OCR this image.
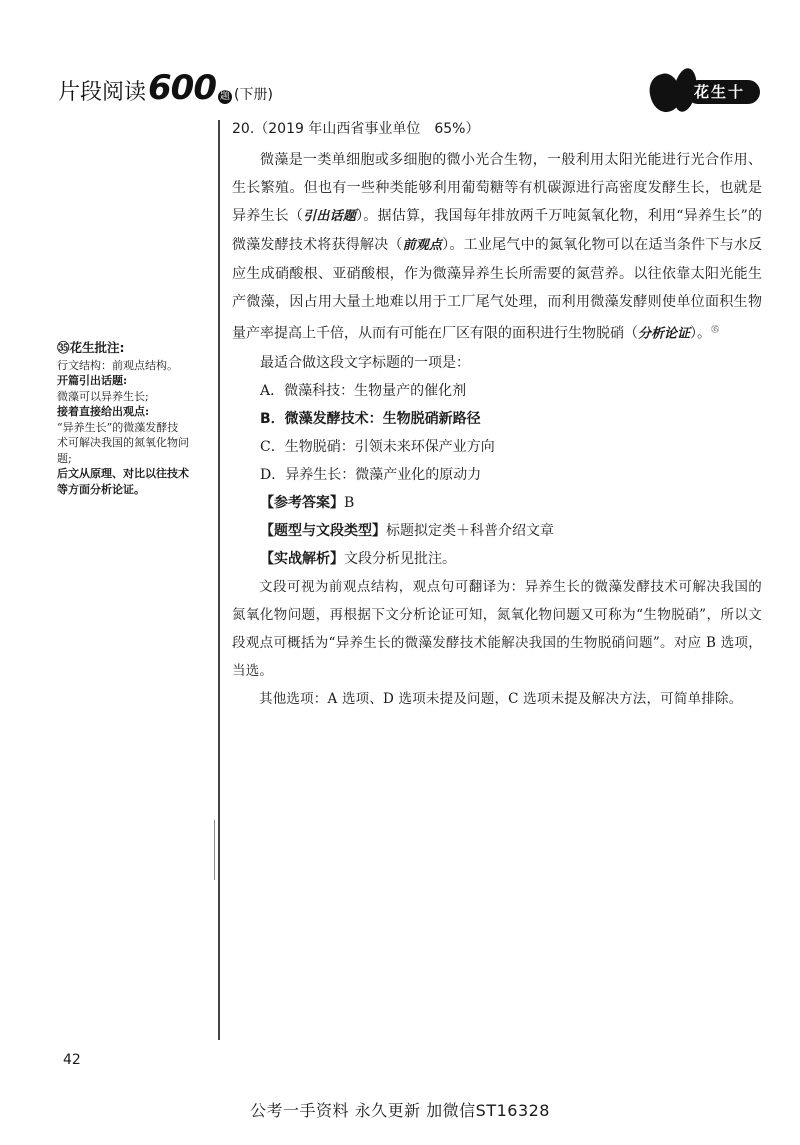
片段阅读 600 题 (下册)	花生十三
㉟花生批注:
行文结构：前观点结构。
开篇引出话题:
微藻可以异养生长;
接着直接给出观点:
“异养生长”的微藻发酵技
术可解决我国的氮氧化物问
题;
后文从原理、对比以往技术
等方面分析论证。
20.（2019 年山西省事业单位　65%）

微藻是一类单细胞或多细胞的微小光合生物，一般利用太阳光能进行光合作用、生长繁殖。但也有一些种类能够利用葡萄糖等有机碳源进行高密度发酵生长，也就是异养生长（引出话题）。据估算，我国每年排放两千万吨氮氧化物，利用“异养生长”的微藻发酵技术将获得解决（前观点）。工业尾气中的氮氧化物可以在适当条件下与水反应生成硝酸根、亚硝酸根，作为微藻异养生长所需要的氮营养。以往依靠太阳光能生产微藻，因占用大量土地难以用于工厂尾气处理，而利用微藻发酵则使单位面积生物量产率提高上千倍，从而有可能在厂区有限的面积进行生物脱硝（分析论证）。$^㉟$

最适合做这段文字标题的一项是：

A．微藻科技：生物量产的催化剂

B．微藻发酵技术：生物脱硝新路径

C．生物脱硝：引领未来环保产业方向

D．异养生长：微藻产业化的原动力

【参考答案】B

【题型与文段类型】标题拟定类＋科普介绍文章

【实战解析】文段分析见批注。

文段可视为前观点结构，观点句可翻译为：异养生长的微藻发酵技术可解决我国的氮氧化物问题，再根据下文分析论证可知，氮氧化物问题又可称为“生物脱硝”，所以文段观点可概括为“异养生长的微藻发酵技术能解决我国的生物脱硝问题”。对应 B 选项，当选。

其他选项：A 选项、D 选项未提及问题，C 选项未提及解决方法，可简单排除。

42
公考一手资料 永久更新 加微信ST16328
